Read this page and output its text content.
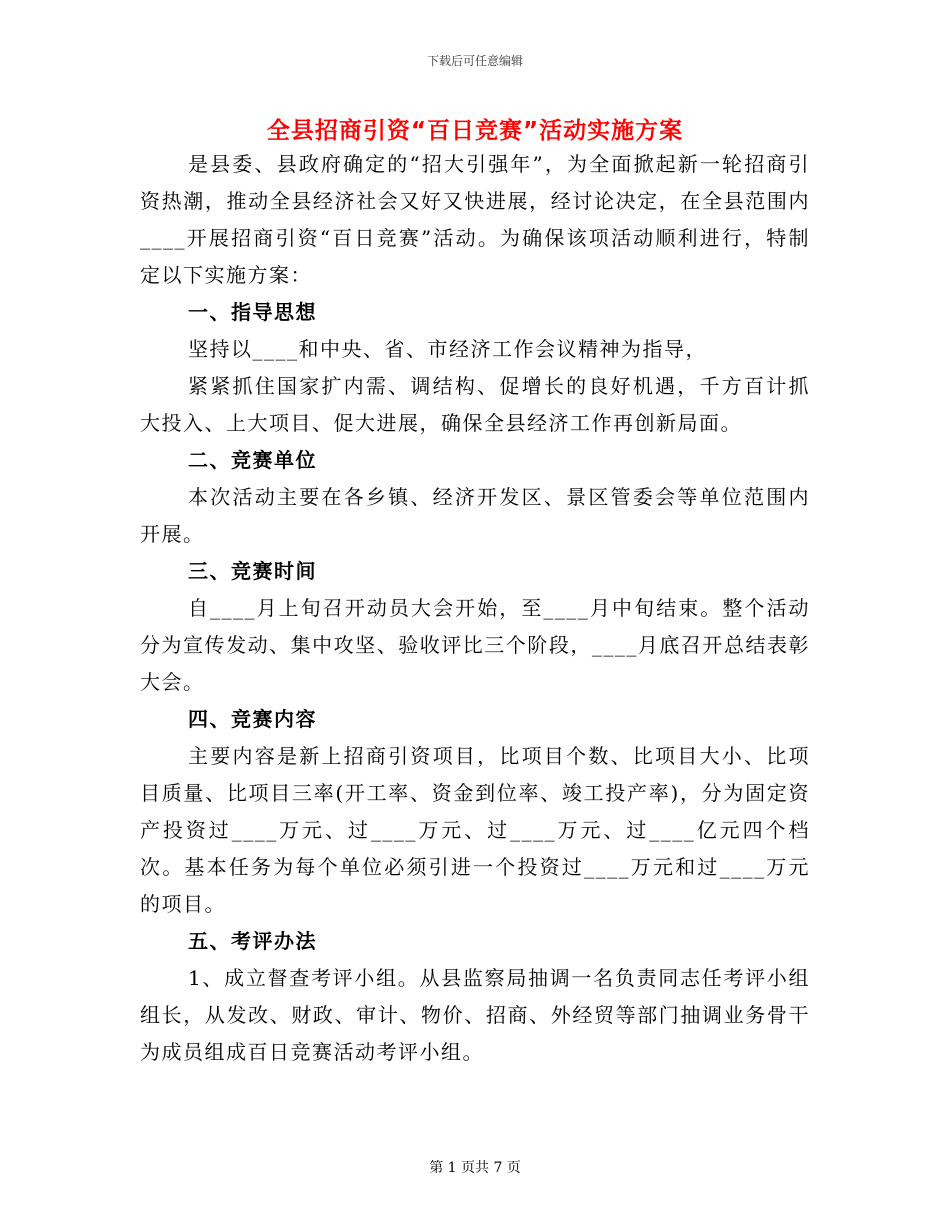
下载后可任意编辑
全县招商引资“百日竞赛”活动实施方案

是县委、县政府确定的“招大引强年”，为全面掀起新一轮招商引资热潮，推动全县经济社会又好又快进展，经讨论决定，在全县范围内____开展招商引资“百日竞赛”活动。为确保该项活动顺利进行，特制定以下实施方案：

一、指导思想

坚持以____和中央、省、市经济工作会议精神为指导，

紧紧抓住国家扩内需、调结构、促增长的良好机遇，千方百计抓大投入、上大项目、促大进展，确保全县经济工作再创新局面。

二、竞赛单位

本次活动主要在各乡镇、经济开发区、景区管委会等单位范围内开展。

三、竞赛时间

自____月上旬召开动员大会开始，至____月中旬结束。整个活动分为宣传发动、集中攻坚、验收评比三个阶段，____月底召开总结表彰大会。

四、竞赛内容

主要内容是新上招商引资项目，比项目个数、比项目大小、比项目质量、比项目三率(开工率、资金到位率、竣工投产率)，分为固定资产投资过____万元、过____万元、过____万元、过____亿元四个档次。基本任务为每个单位必须引进一个投资过____万元和过____万元的项目。

五、考评办法

1、成立督查考评小组。从县监察局抽调一名负责同志任考评小组组长，从发改、财政、审计、物价、招商、外经贸等部门抽调业务骨干为成员组成百日竞赛活动考评小组。

第 1 页共 7 页
